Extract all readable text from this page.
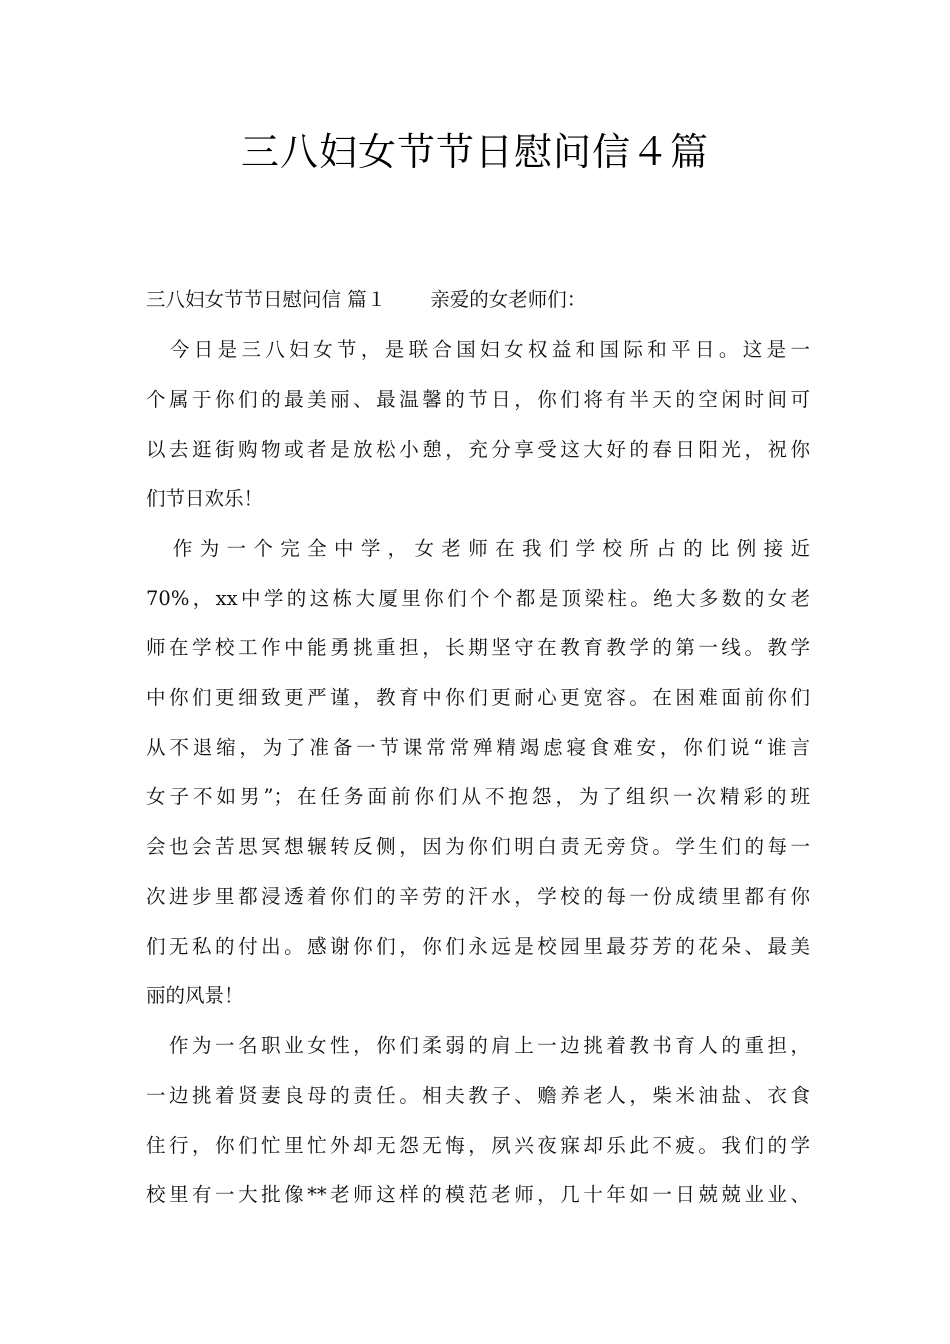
三八妇女节节日慰问信４篇

三八妇女节节日慰问信 篇１ 亲爱的女老师们：

　今日是三八妇女节，是联合国妇女权益和国际和平日。这是一

个属于你们的最美丽、最温馨的节日，你们将有半天的空闲时间可

以去逛街购物或者是放松小憩，充分享受这大好的春日阳光，祝你

们节日欢乐！

　作为一个完全中学，女老师在我们学校所占的比例接近

70%，xx中学的这栋大厦里你们个个都是顶梁柱。绝大多数的女老

师在学校工作中能勇挑重担，长期坚守在教育教学的第一线。教学

中你们更细致更严谨，教育中你们更耐心更宽容。在困难面前你们

从不退缩，为了准备一节课常常殚精竭虑寝食难安，你们说“谁言

女子不如男”；在任务面前你们从不抱怨，为了组织一次精彩的班

会也会苦思冥想辗转反侧，因为你们明白责无旁贷。学生们的每一

次进步里都浸透着你们的辛劳的汗水，学校的每一份成绩里都有你

们无私的付出。感谢你们，你们永远是校园里最芬芳的花朵、最美

丽的风景！

　作为一名职业女性，你们柔弱的肩上一边挑着教书育人的重担，

一边挑着贤妻良母的责任。相夫教子、赡养老人，柴米油盐、衣食

住行，你们忙里忙外却无怨无悔，夙兴夜寐却乐此不疲。我们的学

校里有一大批像**老师这样的模范老师，几十年如一日兢兢业业、
